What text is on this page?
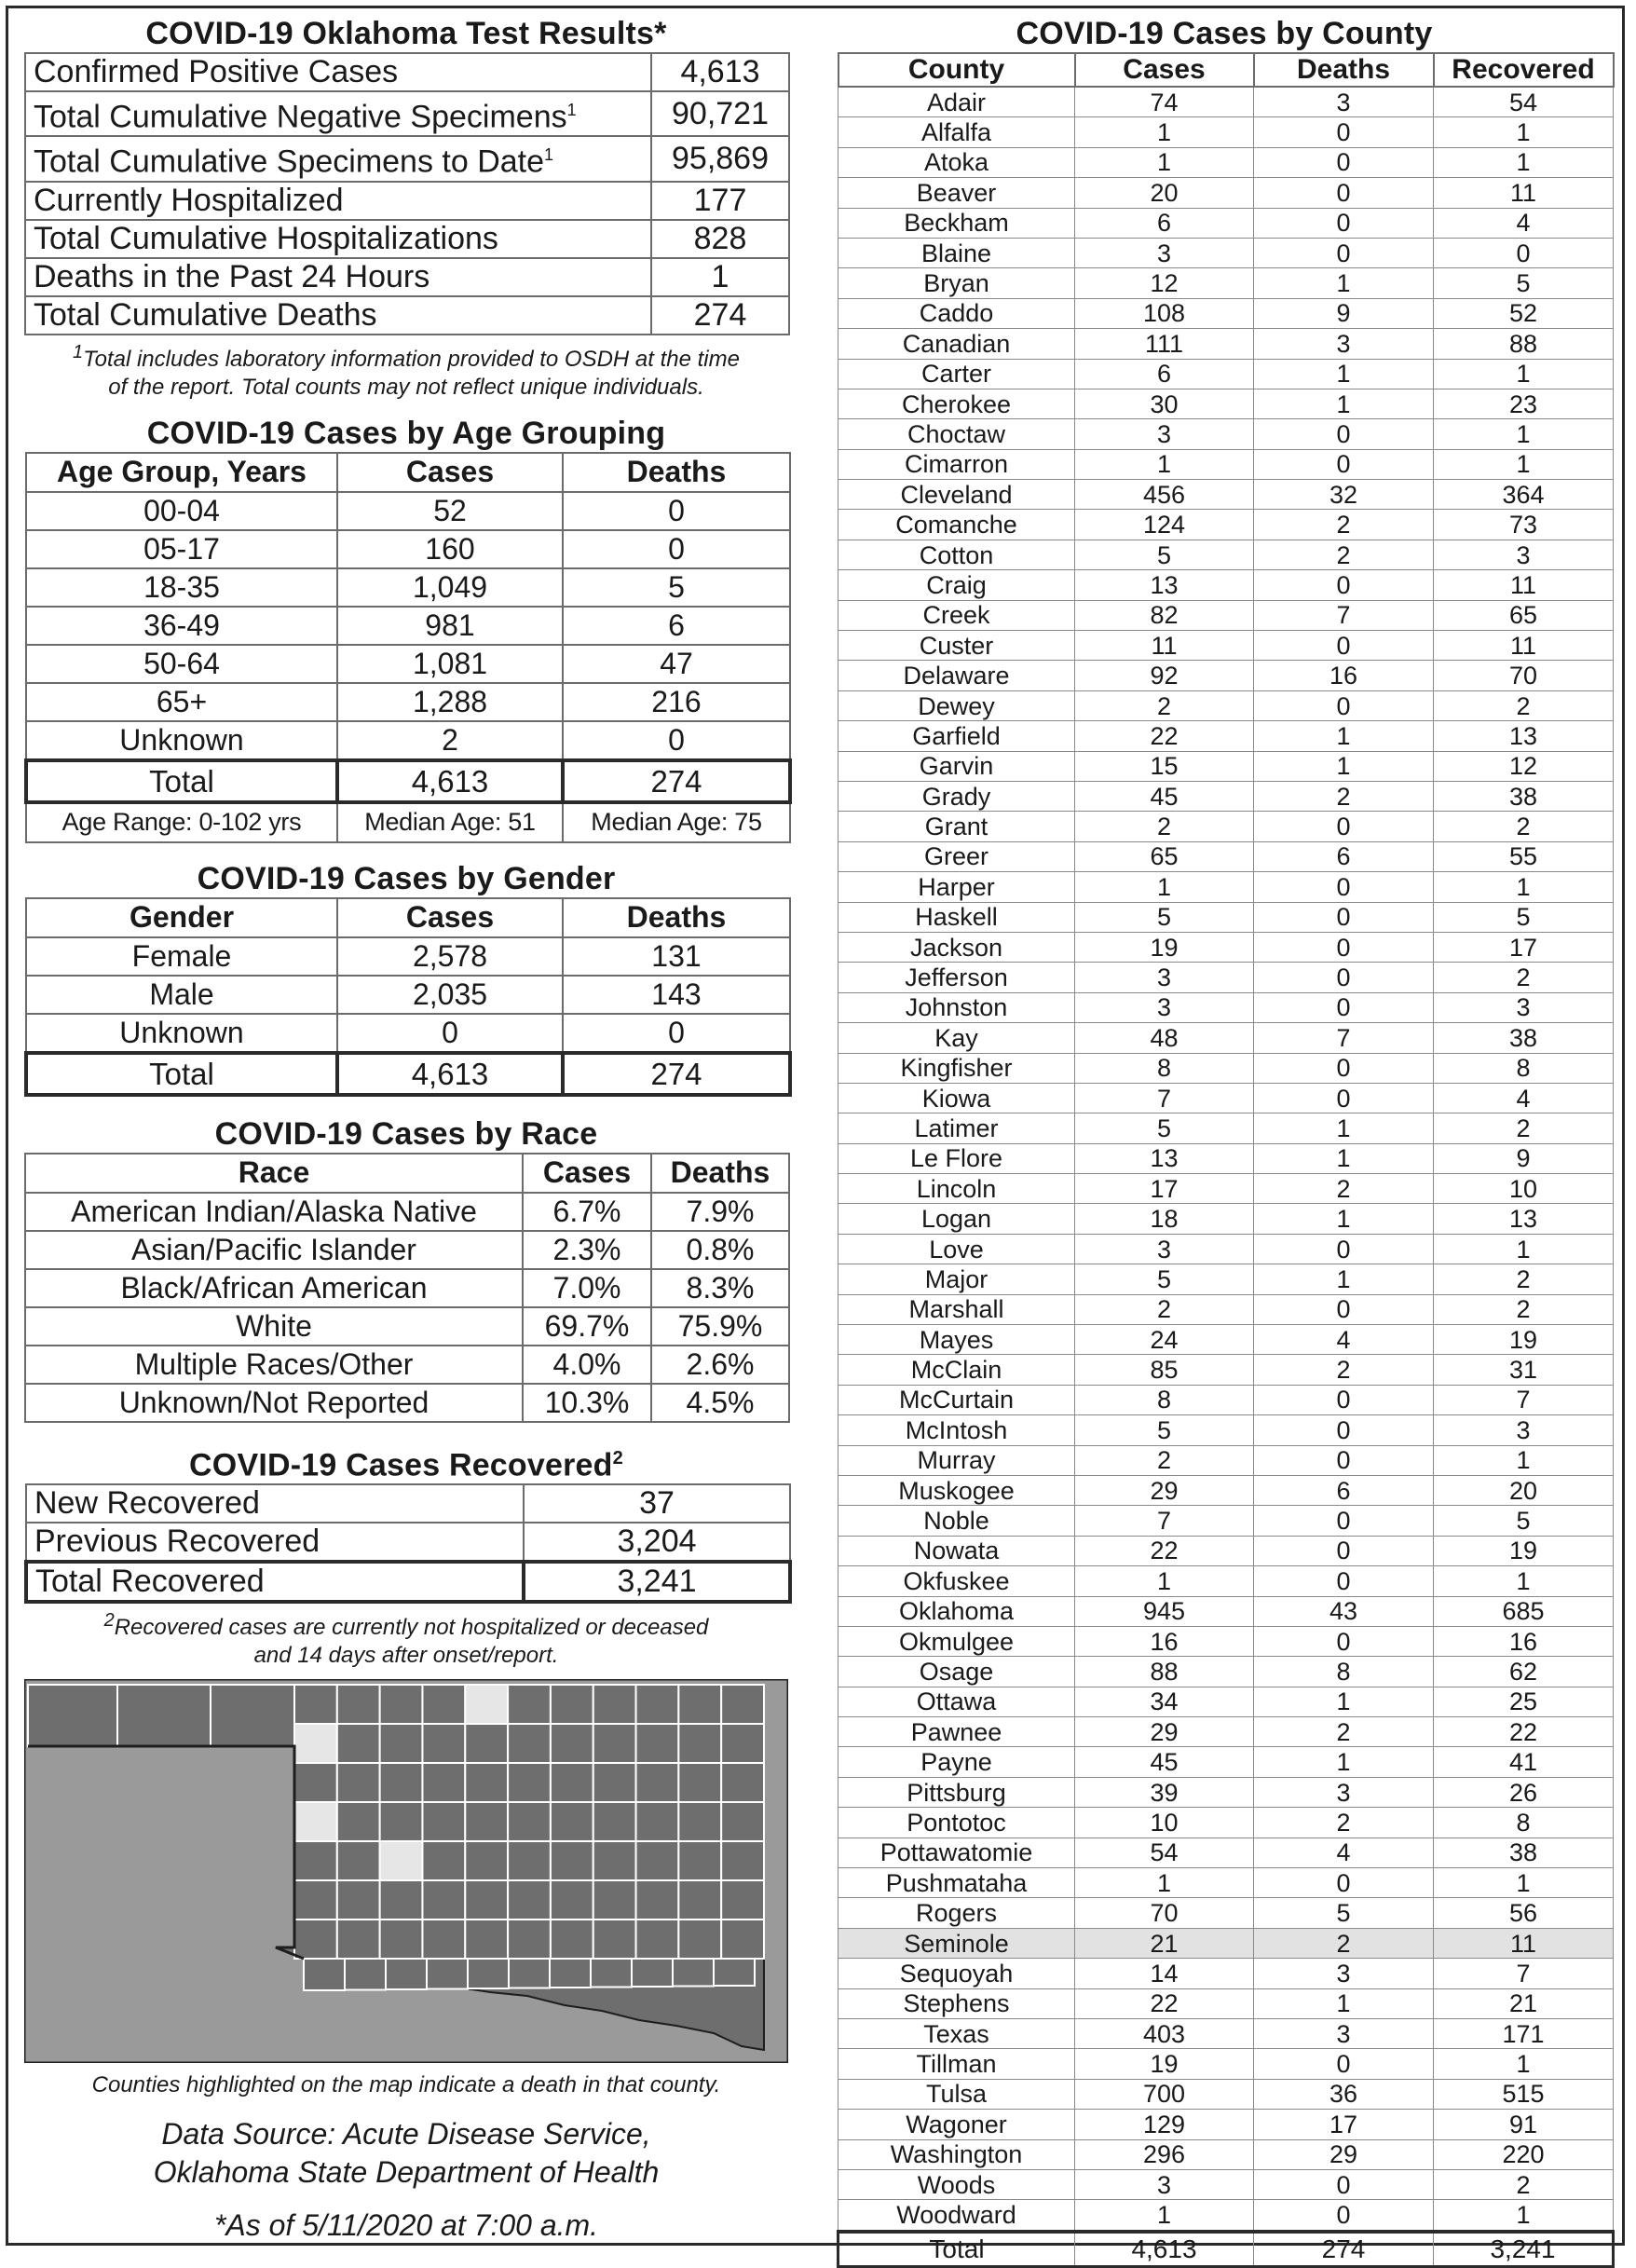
COVID-19 Oklahoma Test Results*
Confirmed Positive Cases	4,613
Total Cumulative Negative Specimens$^1$	90,721
Total Cumulative Specimens to Date$^1$	95,869
Currently Hospitalized	177
Total Cumulative Hospitalizations	828
Deaths in the Past 24 Hours	1
Total Cumulative Deaths	274
$^1$Total includes laboratory information provided to OSDH at the time
of the report. Total counts may not reflect unique individuals.
COVID-19 Cases by Age Grouping
Age Group, Years	Cases	Deaths
00-04	52	0
05-17	160	0
18-35	1,049	5
36-49	981	6
50-64	1,081	47
65+	1,288	216
Unknown	2	0
Total	4,613	274
Age Range: 0-102 yrs	Median Age: 51	Median Age: 75
COVID-19 Cases by Gender
Gender	Cases	Deaths
Female	2,578	131
Male	2,035	143
Unknown	0	0
Total	4,613	274
COVID-19 Cases by Race
Race	Cases	Deaths
American Indian/Alaska Native	6.7%	7.9%
Asian/Pacific Islander	2.3%	0.8%
Black/African American	7.0%	8.3%
White	69.7%	75.9%
Multiple Races/Other	4.0%	2.6%
Unknown/Not Reported	10.3%	4.5%
COVID-19 Cases Recovered$^2$
New Recovered	37
Previous Recovered	3,204
Total Recovered	3,241
$^2$Recovered cases are currently not hospitalized or deceased
and 14 days after onset/report.
Counties highlighted on the map indicate a death in that county.
Data Source: Acute Disease Service,
Oklahoma State Department of Health
*As of 5/11/2020 at 7:00 a.m.
COVID-19 Cases by County
County	Cases	Deaths	Recovered
Adair	74	3	54
Alfalfa	1	0	1
Atoka	1	0	1
Beaver	20	0	11
Beckham	6	0	4
Blaine	3	0	0
Bryan	12	1	5
Caddo	108	9	52
Canadian	111	3	88
Carter	6	1	1
Cherokee	30	1	23
Choctaw	3	0	1
Cimarron	1	0	1
Cleveland	456	32	364
Comanche	124	2	73
Cotton	5	2	3
Craig	13	0	11
Creek	82	7	65
Custer	11	0	11
Delaware	92	16	70
Dewey	2	0	2
Garfield	22	1	13
Garvin	15	1	12
Grady	45	2	38
Grant	2	0	2
Greer	65	6	55
Harper	1	0	1
Haskell	5	0	5
Jackson	19	0	17
Jefferson	3	0	2
Johnston	3	0	3
Kay	48	7	38
Kingfisher	8	0	8
Kiowa	7	0	4
Latimer	5	1	2
Le Flore	13	1	9
Lincoln	17	2	10
Logan	18	1	13
Love	3	0	1
Major	5	1	2
Marshall	2	0	2
Mayes	24	4	19
McClain	85	2	31
McCurtain	8	0	7
McIntosh	5	0	3
Murray	2	0	1
Muskogee	29	6	20
Noble	7	0	5
Nowata	22	0	19
Okfuskee	1	0	1
Oklahoma	945	43	685
Okmulgee	16	0	16
Osage	88	8	62
Ottawa	34	1	25
Pawnee	29	2	22
Payne	45	1	41
Pittsburg	39	3	26
Pontotoc	10	2	8
Pottawatomie	54	4	38
Pushmataha	1	0	1
Rogers	70	5	56
Seminole	21	2	11
Sequoyah	14	3	7
Stephens	22	1	21
Texas	403	3	171
Tillman	19	0	1
Tulsa	700	36	515
Wagoner	129	17	91
Washington	296	29	220
Woods	3	0	2
Woodward	1	0	1
Total	4,613	274	3,241
